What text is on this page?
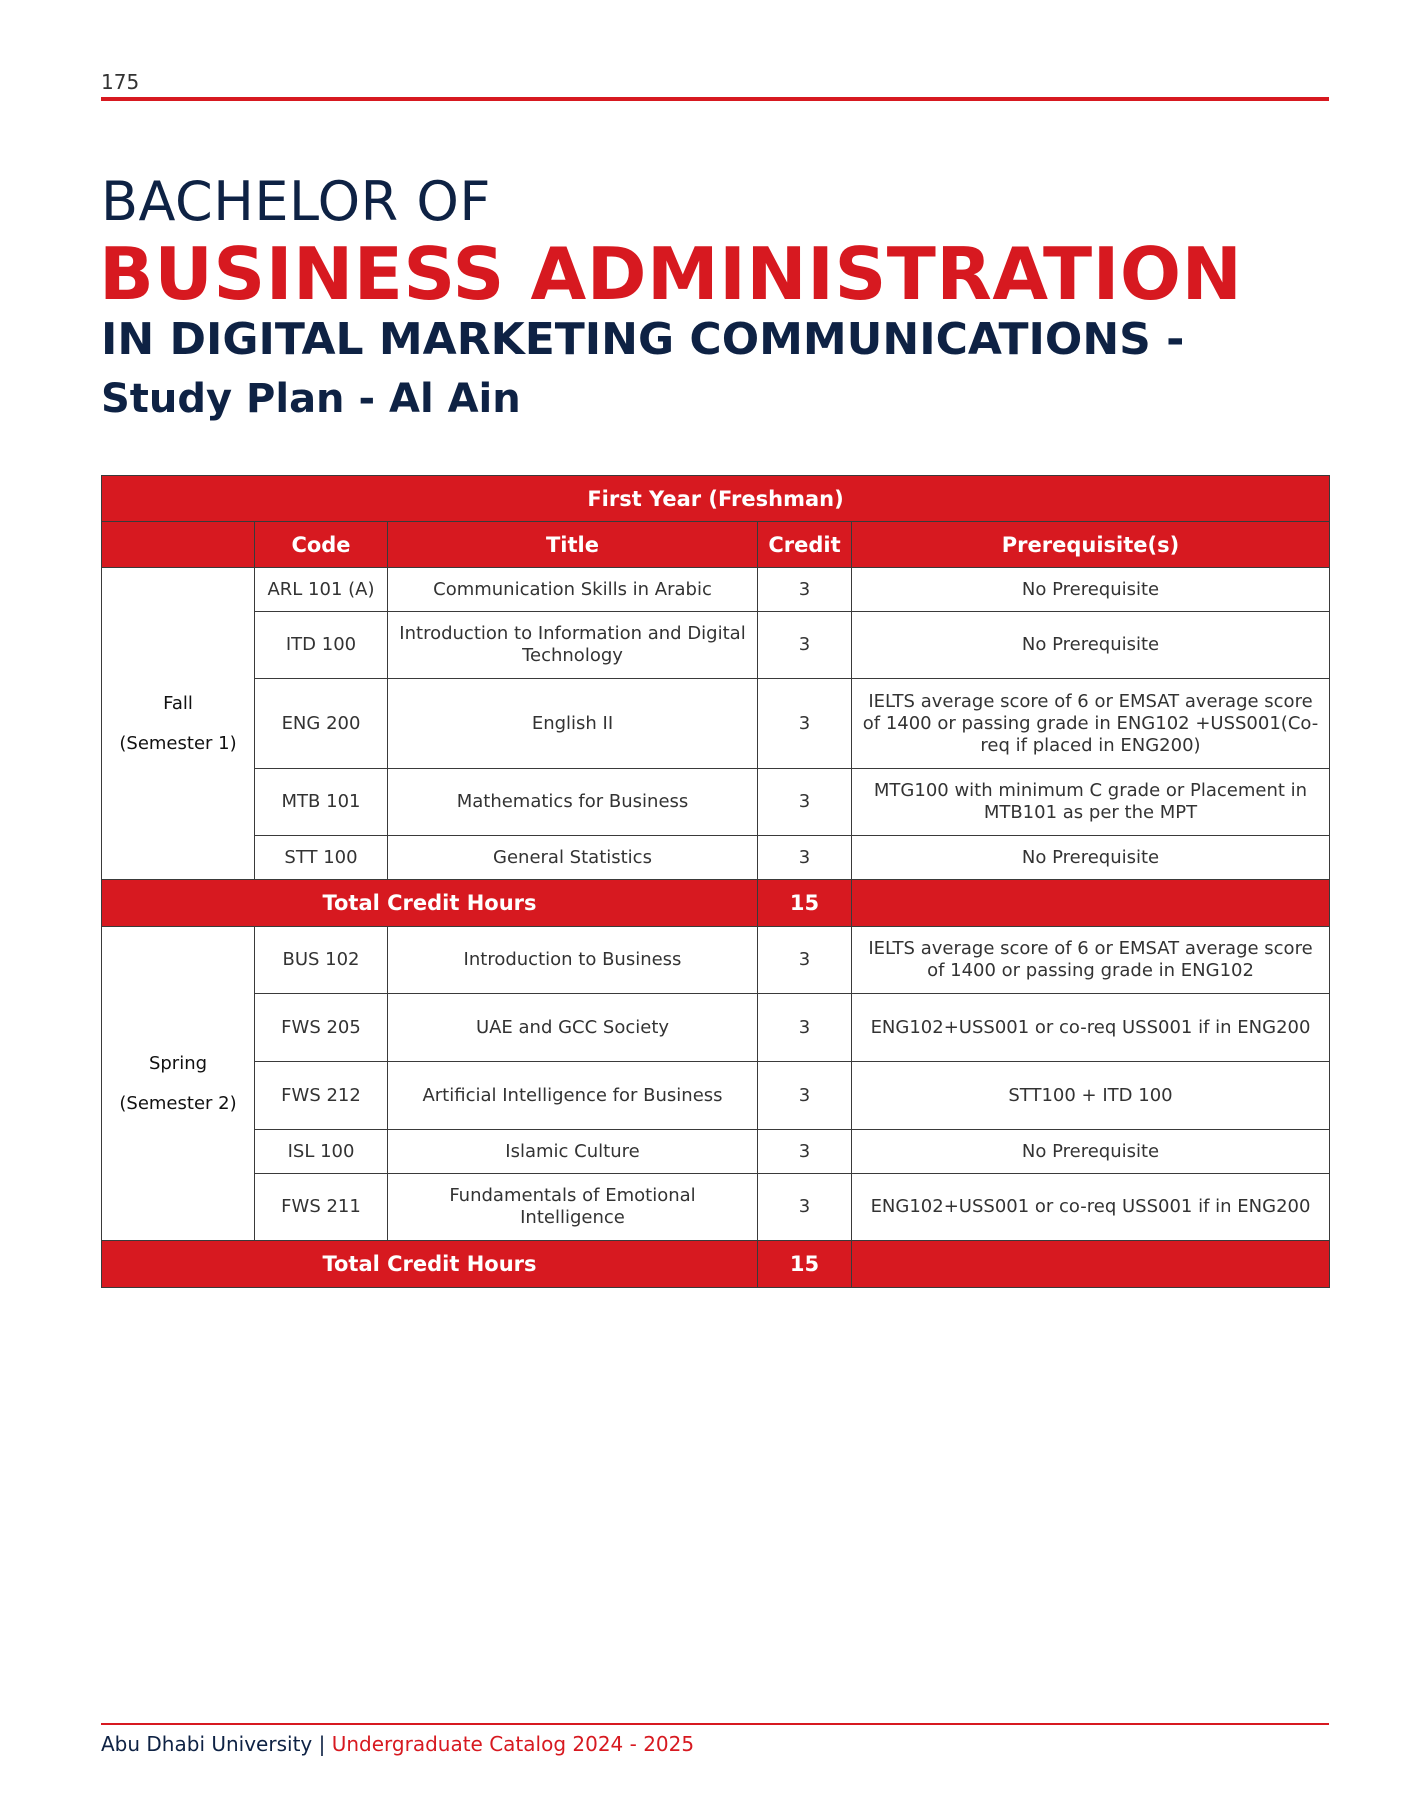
175
BACHELOR OF
BUSINESS ADMINISTRATION
IN DIGITAL MARKETING COMMUNICATIONS -
Study Plan - Al Ain
First Year (Freshman)				
	Code	Title	Credit	Prerequisite(s)

Fall
(Semester 1)	ARL 101 (A)	Communication Skills in Arabic	3	No Prerequisite
	ITD 100	Introduction to Information and Digital Technology	3	No Prerequisite
	ENG 200	English II	3	IELTS average score of 6 or EMSAT average score of 1400 or passing grade in ENG102 +USS001(Co-req if placed in ENG200)
	MTB 101	Mathematics for Business	3	MTG100 with minimum C grade or Placement in MTB101 as per the MPT
	STT 100	General Statistics	3	No Prerequisite
Total Credit Hours			15	

Spring
(Semester 2)	BUS 102	Introduction to Business	3	IELTS average score of 6 or EMSAT average score of 1400 or passing grade in ENG102
	FWS 205	UAE and GCC Society	3	ENG102+USS001 or co-req USS001 if in ENG200
	FWS 212	Artificial Intelligence for Business	3	STT100 + ITD 100
	ISL 100	Islamic Culture	3	No Prerequisite
	FWS 211	Fundamentals of Emotional Intelligence	3	ENG102+USS001 or co-req USS001 if in ENG200
Total Credit Hours			15	
Abu Dhabi University | Undergraduate Catalog 2024 - 2025
